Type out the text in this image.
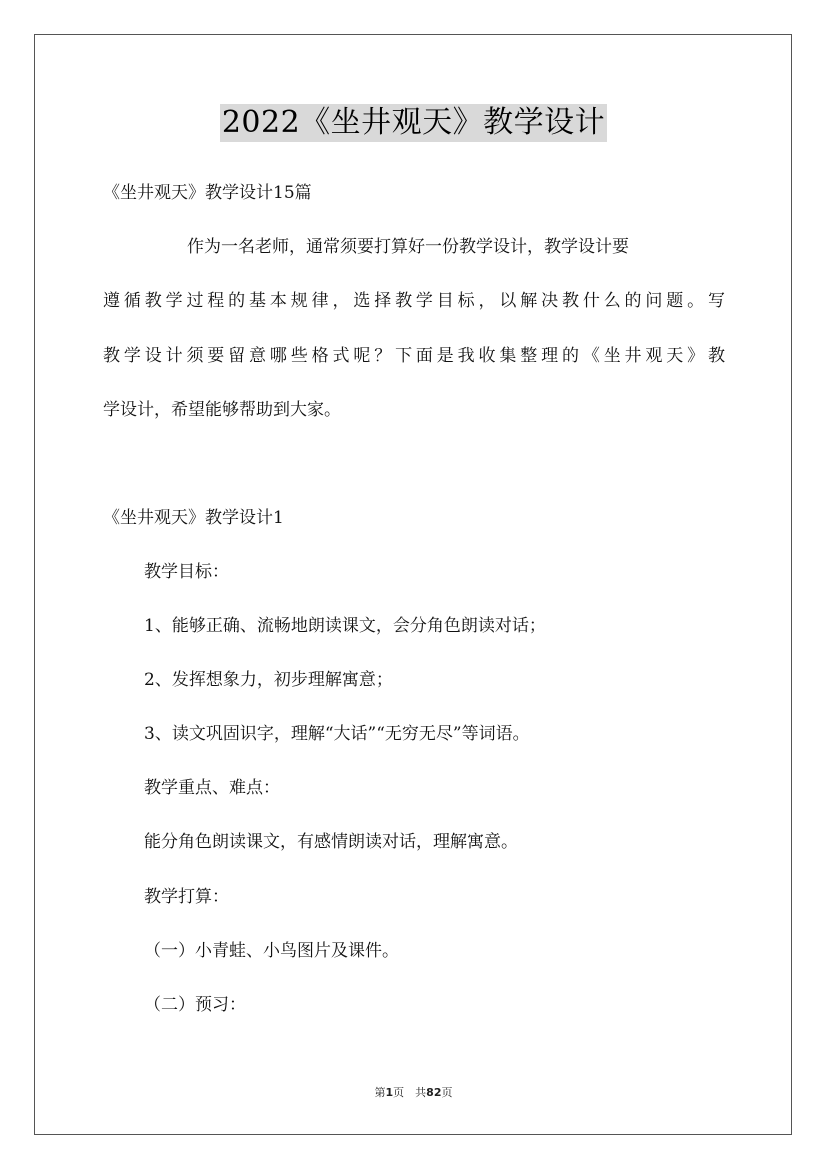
2022《坐井观天》教学设计
《坐井观天》教学设计15篇
作为一名老师，通常须要打算好一份教学设计，教学设计要
遵循教学过程的基本规律，选择教学目标，以解决教什么的问题。写
教学设计须要留意哪些格式呢？下面是我收集整理的《坐井观天》教
学设计，希望能够帮助到大家。
《坐井观天》教学设计1
教学目标：
1、能够正确、流畅地朗读课文，会分角色朗读对话；
2、发挥想象力，初步理解寓意；
3、读文巩固识字，理解“大话”“无穷无尽”等词语。
教学重点、难点：
能分角色朗读课文，有感情朗读对话，理解寓意。
教学打算：
（一）小青蛙、小鸟图片及课件。
（二）预习：
第1页　共82页
